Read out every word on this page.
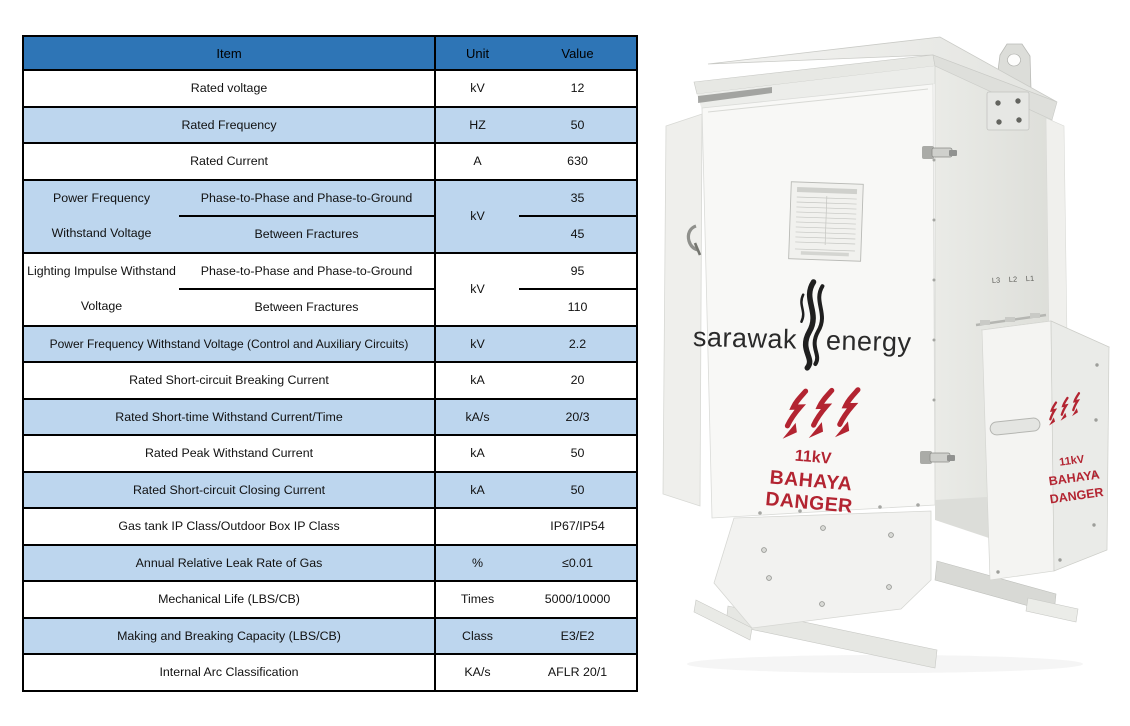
Item		Unit	Value
Rated voltage		kV	12
Rated Frequency		HZ	50
Rated Current		A	630
Power Frequency Withstand Voltage	Phase-to-Phase and Phase-to-Ground	kV	35
	Between Fractures		45
Lighting Impulse Withstand Voltage	Phase-to-Phase and Phase-to-Ground	kV	95
	Between Fractures		110
Power Frequency Withstand Voltage (Control and Auxiliary Circuits)		kV	2.2
Rated Short-circuit Breaking Current		kA	20
Rated Short-time Withstand Current/Time		kA/s	20/3
Rated Peak Withstand Current		kA	50
Rated Short-circuit Closing Current		kA	50
Gas tank IP Class/Outdoor Box IP Class			IP67/IP54
Annual Relative Leak Rate of Gas		%	≤0.01
Mechanical Life (LBS/CB)		Times	5000/10000
Making and Breaking Capacity (LBS/CB)		Class	E3/E2
Internal Arc Classification		KA/s	AFLR 20/1
L3 L2 L1
sarawak energy
11kV
BAHAYA
DANGER
11kV
BAHAYA
DANGER
